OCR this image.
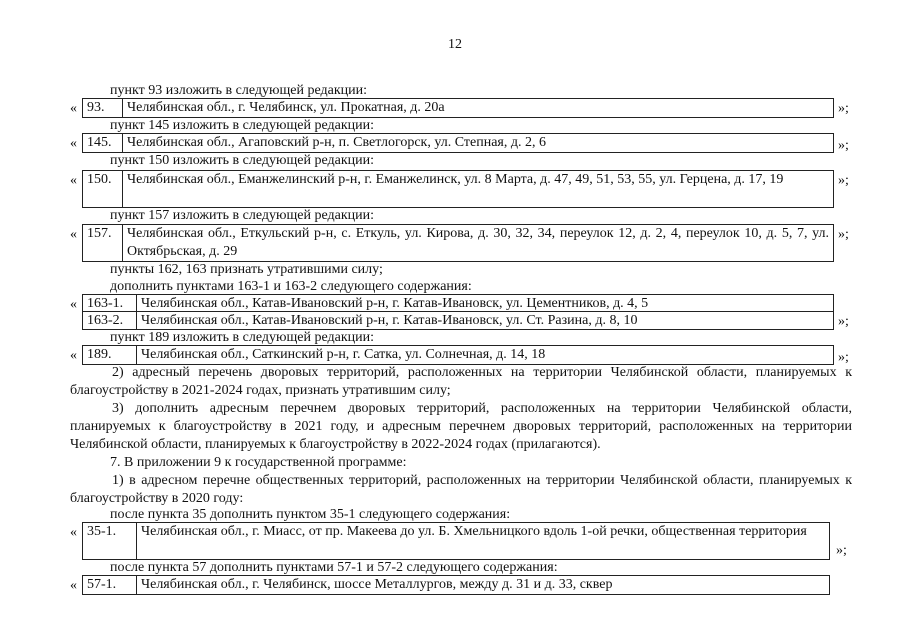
12
пункт 93 изложить в следующей редакции:
« 93.	Челябинская обл., г. Челябинск, ул. Прокатная, д. 20а	»;
пункт 145 изложить в следующей редакции:
« 145.	Челябинская обл., Агаповский р-н, п. Светлогорск, ул. Степная, д. 2, 6	»;
пункт 150 изложить в следующей редакции:
« 150.	Челябинская обл., Еманжелинский р-н, г. Еманжелинск, ул. 8 Марта, д. 47, 49, 51, 53, 55, ул. Герцена, д. 17, 19	»;
пункт 157 изложить в следующей редакции:
« 157.	Челябинская обл., Еткульский р-н, с. Еткуль, ул. Кирова, д. 30, 32, 34, переулок 12, д. 2, 4, переулок 10, д. 5, 7, ул. Октябрьская, д. 29
»;
пункты 162, 163 признать утратившими силу;
дополнить пунктами 163-1 и 163-2 следующего содержания:
« 163-1.	Челябинская обл., Катав-Ивановский р-н, г. Катав-Ивановск, ул. Цементников, д. 4, 5
163-2.	Челябинская обл., Катав-Ивановский р-н, г. Катав-Ивановск, ул. Ст. Разина, д. 8, 10	»;
пункт 189 изложить в следующей редакции:
« 189.	Челябинская обл., Саткинский р-н, г. Сатка, ул. Солнечная, д. 14, 18	»;
2) адресный перечень дворовых территорий, расположенных на территории Челябинской области, планируемых к благоустройству в 2021-2024 годах, признать утратившим силу;
3) дополнить адресным перечнем дворовых территорий, расположенных на территории Челябинской области, планируемых к благоустройству в 2021 году, и адресным перечнем дворовых территорий, расположенных на территории Челябинской области, планируемых к благоустройству в 2022-2024 годах (прилагаются).
7. В приложении 9 к государственной программе:
1) в адресном перечне общественных территорий, расположенных на территории Челябинской области, планируемых к благоустройству в 2020 году:
после пункта 35 дополнить пунктом 35-1 следующего содержания:
« 35-1.	Челябинская обл., г. Миасс, от пр. Макеева до ул. Б. Хмельницкого вдоль 1-ой речки, общественная территория
»;
после пункта 57 дополнить пунктами 57-1 и 57-2 следующего содержания:
« 57-1.	Челябинская обл., г. Челябинск, шоссе Металлургов, между д. 31 и д. 33, сквер
